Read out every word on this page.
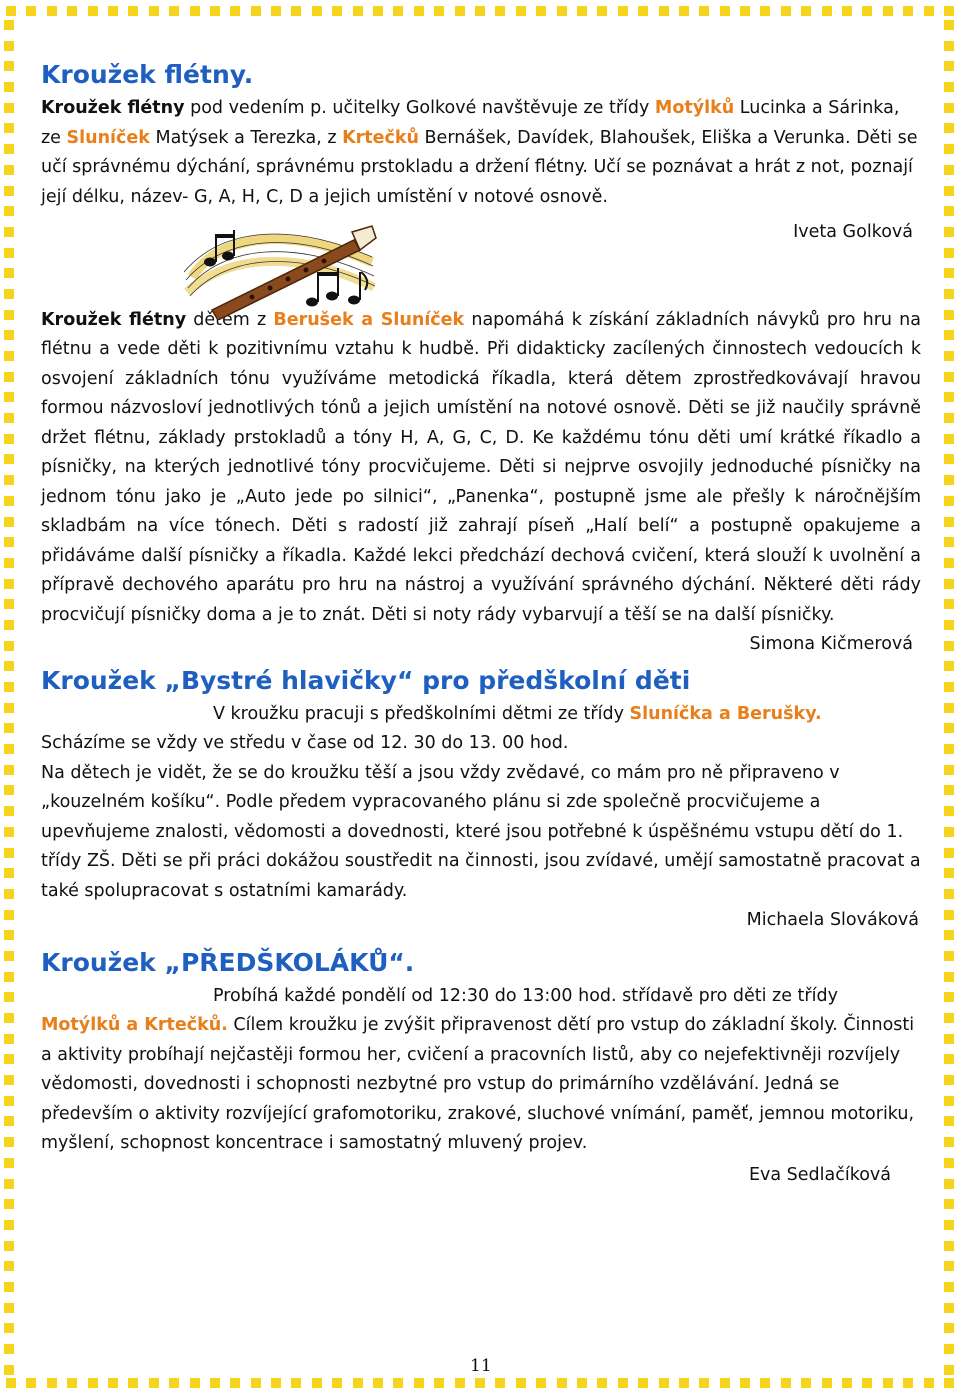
Kroužek flétny.

Kroužek flétny pod vedením p. učitelky Golkové navštěvuje ze třídy Motýlků Lucinka a Sárinka, ze Sluníček Matýsek a Terezka, z Krtečků Bernášek, Davídek, Blahoušek, Eliška a Verunka. Děti se učí správnému dýchání, správnému prstokladu a držení flétny. Učí se poznávat a hrát z not, poznají její délku, název- G, A, H, C, D a jejich umístění v notové osnově.

Iveta Golková

Kroužek flétny dětem z Berušek a Sluníček napomáhá k získání základních návyků pro hru na flétnu a vede děti k pozitivnímu vztahu k hudbě. Při didakticky zacílených činnostech vedoucích k osvojení základních tónu využíváme metodická říkadla, která dětem zprostředkovávají hravou formou názvosloví jednotlivých tónů a jejich umístění na notové osnově. Děti se již naučily správně držet flétnu, základy prstokladů a tóny H, A, G, C, D. Ke každému tónu děti umí krátké říkadlo a písničky, na kterých jednotlivé tóny procvičujeme. Děti si nejprve osvojily jednoduché písničky na jednom tónu jako je „Auto jede po silnici“, „Panenka“, postupně jsme ale přešly k náročnějším skladbám na více tónech. Děti s radostí již zahrají píseň „Halí belí“ a postupně opakujeme a přidáváme další písničky a říkadla. Každé lekci předchází dechová cvičení, která slouží k uvolnění a přípravě dechového aparátu pro hru na nástroj a využívání správného dýchání. Některé děti rády procvičují písničky doma a je to znát. Děti si noty rády vybarvují a těší se na další písničky.

Simona Kičmerová

Kroužek „Bystré hlavičky“ pro předškolní děti

V kroužku pracuji s předškolními dětmi ze třídy Sluníčka a Berušky.

Scházíme se vždy ve středu v čase od 12. 30 do 13. 00 hod.

Na dětech je vidět, že se do kroužku těší a jsou vždy zvědavé, co mám pro ně připraveno v „kouzelném košíku“. Podle předem vypracovaného plánu si zde společně procvičujeme a upevňujeme znalosti, vědomosti a dovednosti, které jsou potřebné k úspěšnému vstupu dětí do 1. třídy ZŠ. Děti se při práci dokážou soustředit na činnosti, jsou zvídavé, umějí samostatně pracovat a také spolupracovat s ostatními kamarády.

Michaela Slováková

Kroužek „PŘEDŠKOLÁKŮ“.

Probíhá každé pondělí od 12:30 do 13:00 hod. střídavě pro děti ze třídy

Motýlků a Krtečků. Cílem kroužku je zvýšit připravenost dětí pro vstup do základní školy. Činnosti a aktivity probíhají nejčastěji formou her, cvičení a pracovních listů, aby co nejefektivněji rozvíjely vědomosti, dovednosti i schopnosti nezbytné pro vstup do primárního vzdělávání. Jedná se především o aktivity rozvíjející grafomotoriku, zrakové, sluchové vnímání, paměť, jemnou motoriku, myšlení, schopnost koncentrace i samostatný mluvený projev.

Eva Sedlačíková

11
